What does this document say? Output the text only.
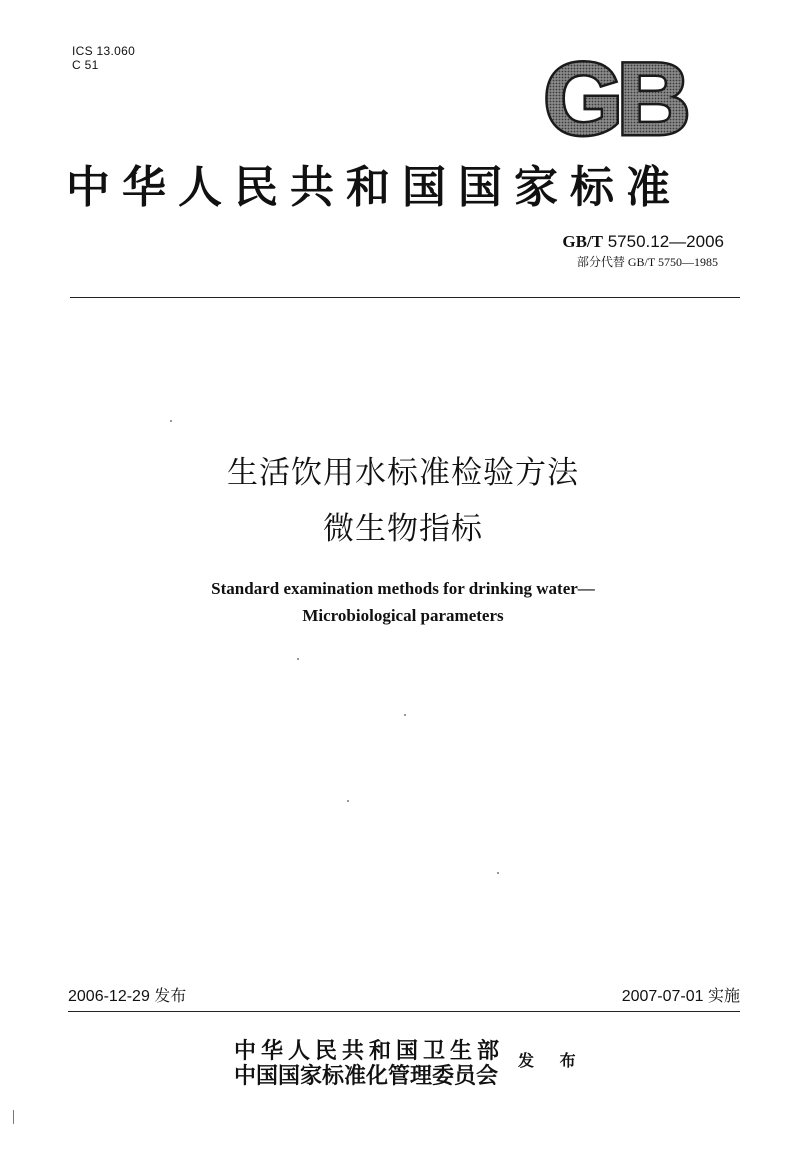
ICS 13.060
C 51	GB
中华人民共和国国家标准
GB/T 5750.12—2006
部分代替 GB/T 5750—1985
生活饮用水标准检验方法
微生物指标
Standard examination methods for drinking water—
Microbiological parameters
2006-12-29 发布	2007-07-01 实施
中华人民共和国卫生部
中国国家标准化管理委员会
发 布
